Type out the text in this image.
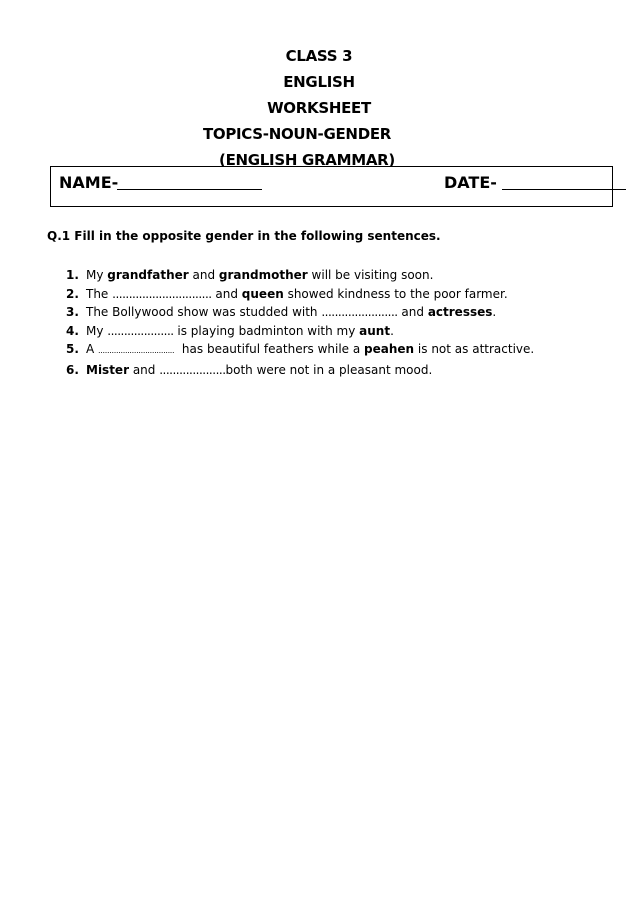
CLASS 3
ENGLISH
WORKSHEET
TOPICS-NOUN-GENDER
(ENGLISH GRAMMAR)
NAME-	DATE-
Q.1 Fill in the opposite gender in the following sentences.
1. My grandfather and grandmother will be visiting soon.
2. The .............................. and queen showed kindness to the poor farmer.
3. The Bollywood show was studded with ....................... and actresses.
4. My .................... is playing badminton with my aunt.
5. A ..................................  has beautiful feathers while a peahen is not as attractive.
6. Mister and ....................both were not in a pleasant mood.
